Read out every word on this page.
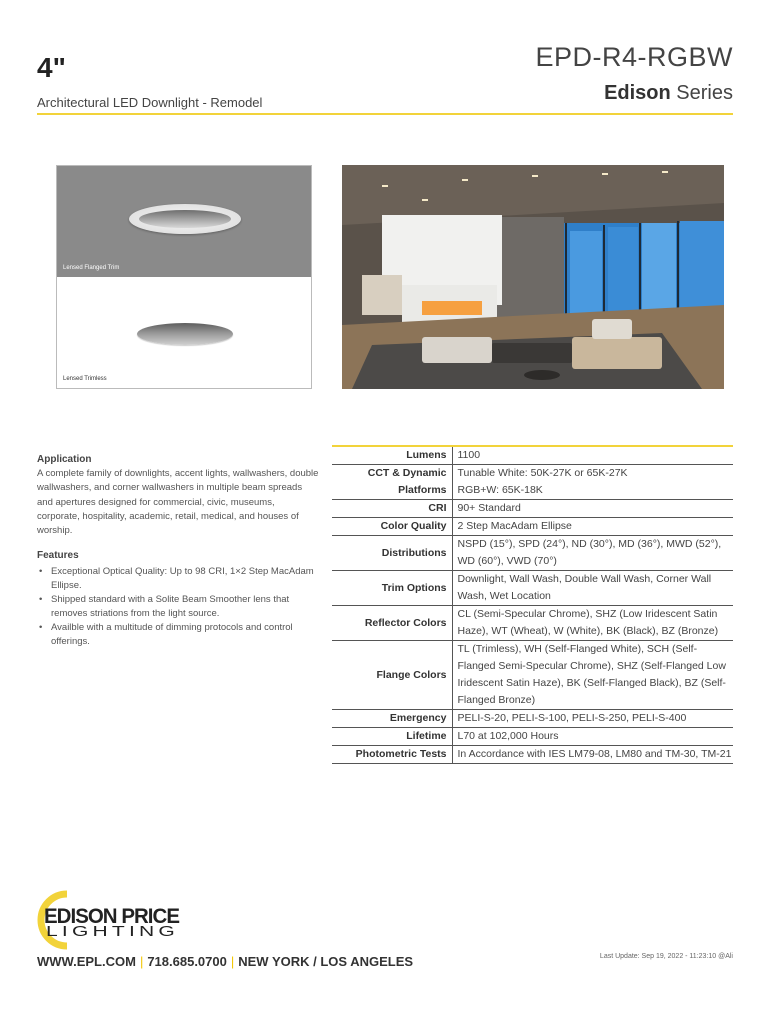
4"
Architectural LED Downlight - Remodel
EPD-R4-RGBW
Edison Series
Lensed Flanged Trim
Lensed Trimless
Application
A complete family of downlights, accent lights, wallwashers, double wallwashers, and corner wallwashers in multiple beam spreads and apertures designed for commercial, civic, museums, corporate, hospitality, academic, retail, medical, and houses of worship.
Features
• Exceptional Optical Quality: Up to 98 CRI, 1×2 Step MacAdam Ellipse.
• Shipped standard with a Solite Beam Smoother lens that removes striations from the light source.
• Availble with a multitude of dimming protocols and control offerings.
Lumens	1100
CCT & Dynamic Platforms	Tunable White: 50K-27K or 65K-27K
RGB+W: 65K-18K
CRI	90+ Standard
Color Quality	2 Step MacAdam Ellipse
Distributions	NSPD (15°), SPD (24°), ND (30°), MD (36°), MWD (52°), WD (60°), VWD (70°)
Trim Options	Downlight, Wall Wash, Double Wall Wash, Corner Wall Wash, Wet Location
Reflector Colors	CL (Semi-Specular Chrome), SHZ (Low Iridescent Satin Haze), WT (Wheat), W (White), BK (Black), BZ (Bronze)
Flange Colors	TL (Trimless), WH (Self-Flanged White), SCH (Self-Flanged Semi-Specular Chrome), SHZ (Self-Flanged Low Iridescent Satin Haze), BK (Self-Flanged Black), BZ (Self-Flanged Bronze)
Emergency	PELI-S-20, PELI-S-100, PELI-S-250, PELI-S-400
Lifetime	L70 at 102,000 Hours
Photometric Tests	In Accordance with IES LM79-08, LM80 and TM-30, TM-21
EDISON PRICE
LIGHTING
WWW.EPL.COM | 718.685.0700 | NEW YORK / LOS ANGELES	Last Update: Sep 19, 2022 - 11:23:10 @Ali
